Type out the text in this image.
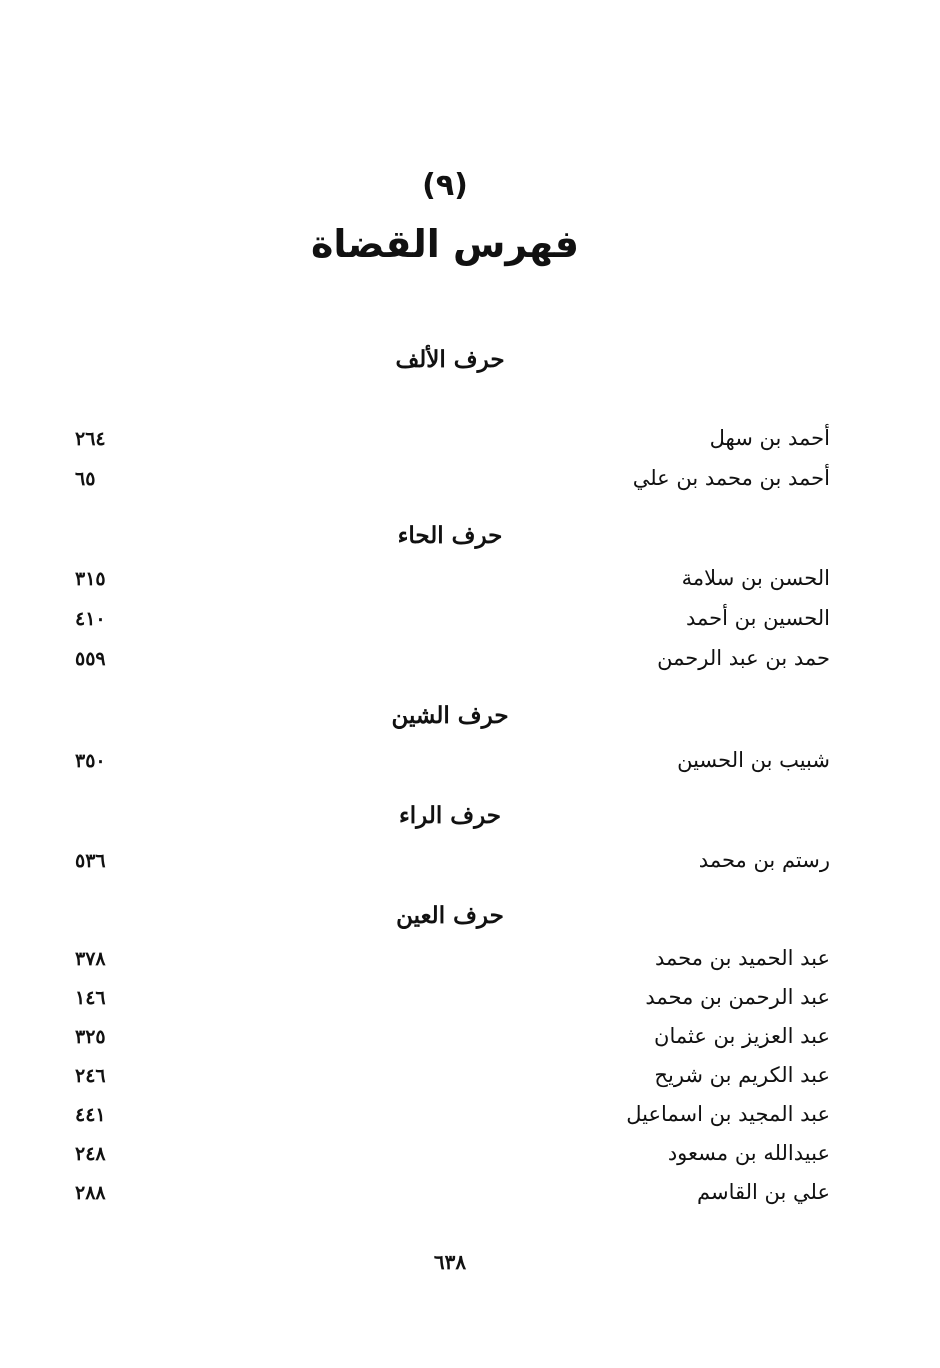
(٩)
فهرس القضاة
حرف الألف
أحمد بن سهل
٢٦٤
أحمد بن محمد بن علي
٦٥
حرف الحاء
الحسن بن سلامة
٣١٥
الحسين بن أحمد
٤١٠
حمد بن عبد الرحمن
٥٥٩
حرف الشين
شبيب بن الحسين
٣٥٠
حرف الراء
رستم بن محمد
٥٣٦
حرف العين
عبد الحميد بن محمد
٣٧٨
عبد الرحمن بن محمد
١٤٦
عبد العزيز بن عثمان
٣٢٥
عبد الكريم بن شريح
٢٤٦
عبد المجيد بن اسماعيل
٤٤١
عبيدالله بن مسعود
٢٤٨
علي بن القاسم
٢٨٨
٦٣٨
